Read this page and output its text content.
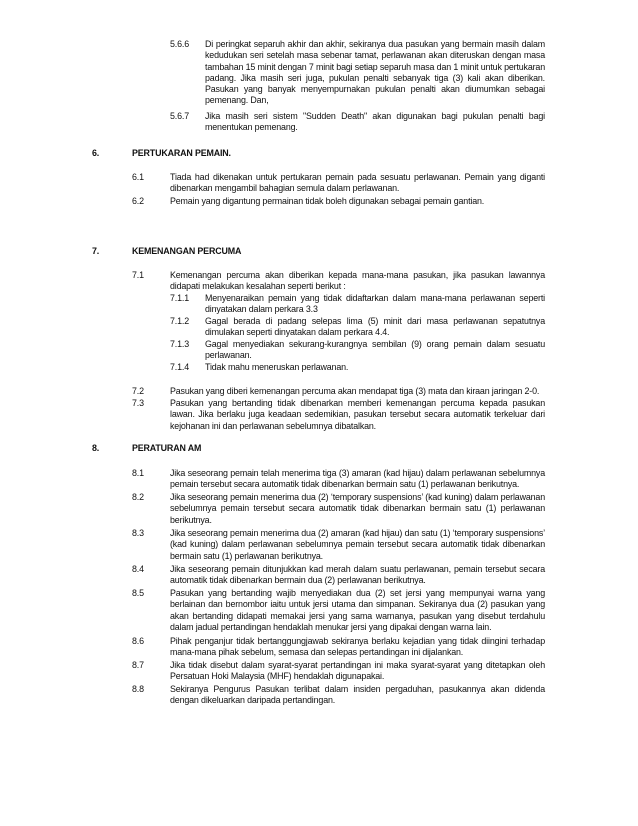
5.6.6 Di peringkat separuh akhir dan akhir, sekiranya dua pasukan yang bermain masih dalam kedudukan seri setelah masa sebenar tamat, perlawanan akan diteruskan dengan masa tambahan 15 minit dengan 7 minit bagi setiap separuh masa dan 1 minit untuk pertukaran padang. Jika masih seri juga, pukulan penalti sebanyak tiga (3) kali akan diberikan. Pasukan yang banyak menyempurnakan pukulan penalti akan diumumkan sebagai pemenang. Dan,
5.6.7 Jika masih seri sistem "Sudden Death" akan digunakan bagi pukulan penalti bagi menentukan pemenang.
6.	PERTUKARAN PEMAIN.
6.1	Tiada had dikenakan untuk pertukaran pemain pada sesuatu perlawanan. Pemain yang diganti dibenarkan mengambil bahagian semula dalam perlawanan.
6.2	Pemain yang digantung permainan tidak boleh digunakan sebagai pemain gantian.
7.	KEMENANGAN PERCUMA
7.1	Kemenangan percuma akan diberikan kepada mana-mana pasukan, jika pasukan lawannya didapati melakukan kesalahan seperti berikut :
7.1.1 Menyenaraikan pemain yang tidak didaftarkan dalam mana-mana perlawanan seperti dinyatakan dalam perkara 3.3
7.1.2 Gagal berada di padang selepas lima (5) minit dari masa perlawanan sepatutnya dimulakan seperti dinyatakan dalam perkara 4.4.
7.1.3 Gagal menyediakan sekurang-kurangnya sembilan (9) orang pemain dalam sesuatu perlawanan.
7.1.4 Tidak mahu meneruskan perlawanan.
7.2	Pasukan yang diberi kemenangan percuma akan mendapat tiga (3) mata dan kiraan jaringan 2-0.
7.3	Pasukan yang bertanding tidak dibenarkan memberi kemenangan percuma kepada pasukan lawan. Jika berlaku juga keadaan sedemikian, pasukan tersebut secara automatik terkeluar dari kejohanan ini dan perlawanan sebelumnya dibatalkan.
8.	PERATURAN AM
8.1	Jika seseorang pemain telah menerima tiga (3) amaran (kad hijau) dalam perlawanan sebelumnya pemain tersebut secara automatik tidak dibenarkan bermain satu (1) perlawanan berikutnya.
8.2	Jika seseorang pemain menerima dua (2) ‘temporary suspensions’ (kad kuning) dalam perlawanan sebelumnya pemain tersebut secara automatik tidak dibenarkan bermain satu (1) perlawanan berikutnya.
8.3	Jika seseorang pemain menerima dua (2) amaran (kad hijau) dan satu (1) ‘temporary suspensions’ (kad kuning) dalam perlawanan sebelumnya pemain tersebut secara automatik tidak dibenarkan bermain satu (1) perlawanan berikutnya.
8.4	Jika seseorang pemain ditunjukkan kad merah dalam suatu perlawanan, pemain tersebut secara automatik tidak dibenarkan bermain dua (2) perlawanan berikutnya.
8.5	Pasukan yang bertanding wajib menyediakan dua (2) set jersi yang mempunyai warna yang berlainan dan bernombor iaitu untuk jersi utama dan simpanan. Sekiranya dua (2) pasukan yang akan bertanding didapati memakai jersi yang sama warnanya, pasukan yang disebut terdahulu dalam jadual pertandingan hendaklah menukar jersi yang dipakai dengan warna lain.
8.6	Pihak penganjur tidak bertanggungjawab sekiranya berlaku kejadian yang tidak diingini terhadap mana-mana pihak sebelum, semasa dan selepas pertandingan ini dijalankan.
8.7	Jika tidak disebut dalam syarat-syarat pertandingan ini maka syarat-syarat yang ditetapkan oleh Persatuan Hoki Malaysia (MHF) hendaklah digunapakai.
8.8	Sekiranya Pengurus Pasukan terlibat dalam insiden pergaduhan, pasukannya akan didenda dengan dikeluarkan daripada pertandingan.
